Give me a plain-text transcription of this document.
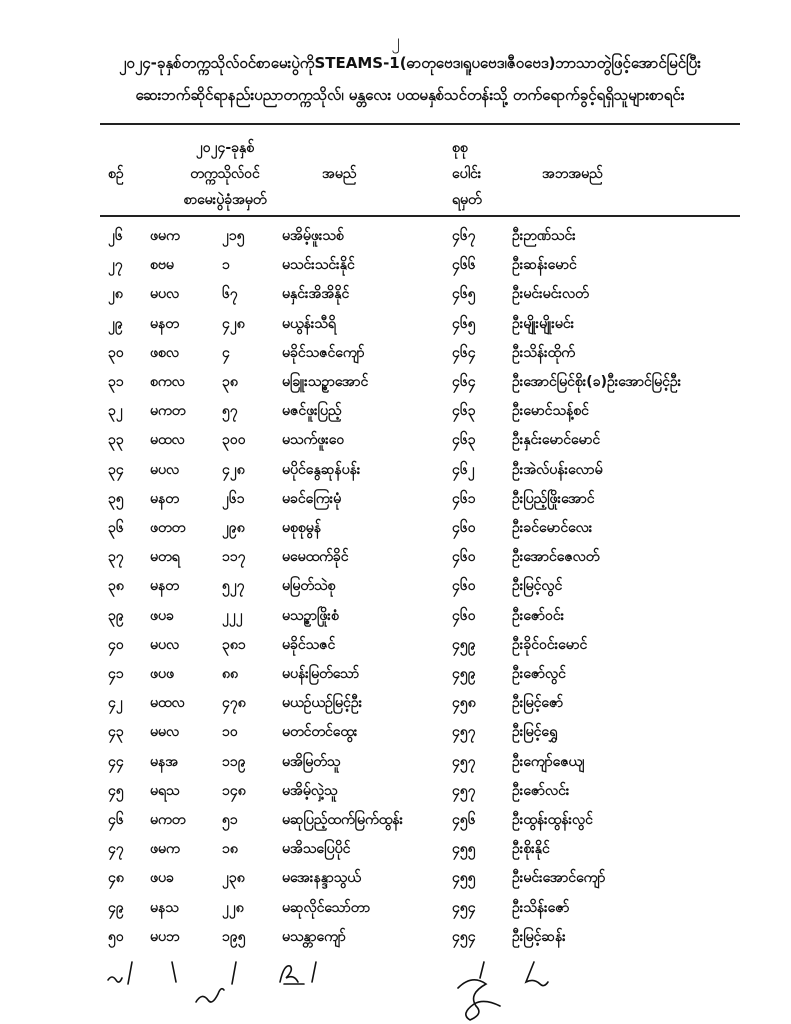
၂
၂၀၂၄-ခုနှစ်တက္ကသိုလ်ဝင်စာမေးပွဲကိုSTEAMS-1(ဓာတုဗေဒ၊ရူပဗေဒ၊ဇီဝဗေဒ)ဘာသာတွဲဖြင့်အောင်မြင်ပြီး
ဆေးဘက်ဆိုင်ရာနည်းပညာတက္ကသိုလ်၊ မန္တလေး ပထမနှစ်သင်တန်းသို့ တက်ရောက်ခွင့်ရရှိသူများစာရင်း
စဉ်
၂၀၂၄-ခုနှစ်
တက္ကသိုလ်ဝင်
စာမေးပွဲခုံအမှတ်
အမည်
စုစု
ပေါင်း
ရမှတ်
အဘအမည်
၂၆ ဖမက	၂၁၅	မအိမ့်ဖူးသစ်	၄၆၇	ဦးဉာဏ်သင်း
၂၇ စဗမ	၁	မသင်းသင်းနိုင်	၄၆၆	ဦးဆန်းမောင်
၂၈ မပလ	၆၇	မနှင်းအိအိနိုင်	၄၆၅	ဦးမင်းမင်းလတ်
၂၉ မနတ	၄၂၈	မယွန်းသီရိ	၄၆၅	ဦးမျိုးမျိုးမင်း
၃၀ ဖစလ	၄	မခိုင်သဇင်ကျော်	၄၆၄	ဦးသိန်းထိုက်
၃၁ စကလ	၃၈	မခြူးသဥ္စာအောင်	၄၆၄	ဦးအောင်မြင်စိုး(ခ)ဦးအောင်မြင့်ဦး
၃၂ မကတ	၅၇	မဇင်ဖူးပြည့်	၄၆၃	ဦးမောင်သန့်စင်
၃၃ မထလ	၃၀၀	မသက်ဖူးဝေ	၄၆၃	ဦးနှင်းမောင်မောင်
၃၄ မပလ	၄၂၈	မပိုင်နွေဆုန်ပန်း	၄၆၂	ဦးအဲလ်ပန်းလောမ်
၃၅ မနတ	၂၆၁	မခင်ကြေးမုံ	၄၆၁	ဦးပြည့်ဖြိုးအောင်
၃၆ ဖတတ	၂၉၈	မစုစုမွန်	၄၆၀	ဦးခင်မောင်လေး
၃၇ မတရ	၁၁၇	မမေထက်ခိုင်	၄၆၀	ဦးအောင်ဇေလတ်
၃၈ မနတ	၅၂၇	မမြတ်သဲစု	၄၆၀	ဦးမြင့်လွင်
၃၉ ဖပခ	၂၂၂	မသဥ္စာဖြိုးစံ	၄၆၀	ဦးဇော်ဝင်း
၄၀ မပလ	၃၈၁	မခိုင်သဇင်	၄၅၉	ဦးခိုင်ဝင်းမောင်
၄၁ ဖပဖ	၈၈	မပန်းမြတ်သော်	၄၅၉	ဦးဇော်လွင်
၄၂ မထလ	၄၇၈	မယဉ်ယဉ်မြင့်ဦး	၄၅၈	ဦးမြင့်ဇော်
၄၃ မမလ	၁၀	မတင်တင်ထွေး	၄၅၇	ဦးမြင့်ရွှေ
၄၄ မနအ	၁၁၉	မအိမြတ်သူ	၄၅၇	ဦးကျော်ဇေယျ
၄၅ မရသ	၁၄၈	မအိမ့်လှဲ့သူ	၄၅၇	ဦးဇော်လင်း
၄၆ မကတ	၅၁	မဆုပြည့်ထက်မြက်ထွန်း	၄၅၆	ဦးထွန်းထွန်းလွင်
၄၇ ဖမက	၁၈	မအိသပြေပိုင်	၄၅၅	ဦးစိုးနိုင်
၄၈ ဖပခ	၂၃၈	မအေးနန္ဒာသွယ်	၄၅၅	ဦးမင်းအောင်ကျော်
၄၉ မနသ	၂၂၈	မဆုလိုင်သော်တာ	၄၅၄	ဦးသိန်းဇော်
၅၀ မပဘ	၁၉၅	မသန္တာကျော်	၄၅၄	ဦးမြင့်ဆန်း
